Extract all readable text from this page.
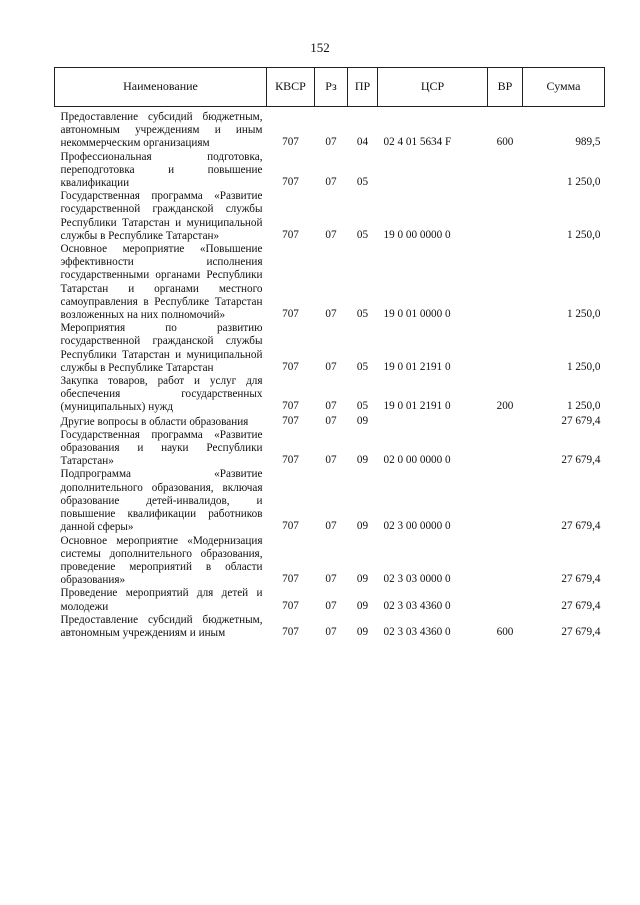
152
Наименование	КВСР	Рз	ПР	ЦСР	ВР	Сумма
Предоставление субсидий бюджетным, автономным учреждениям и иным некоммерческим организациям	707	07	04	02 4 01 5634 F	600	989,5
Профессиональная подготовка, переподготовка и повышение квалификации	707	07	05			1 250,0
Государственная программа «Развитие государственной гражданской службы Республики Татарстан и муниципальной службы в Республике Татарстан»	707	07	05	19 0 00 0000 0		1 250,0
Основное мероприятие «Повышение эффективности исполнения государственными органами Республики Татарстан и органами местного самоуправления в Республике Татарстан возложенных на них полномочий»	707	07	05	19 0 01 0000 0		1 250,0
Мероприятия по развитию государственной гражданской службы Республики Татарстан и муниципальной службы в Республике Татарстан	707	07	05	19 0 01 2191 0		1 250,0
Закупка товаров, работ и услуг для обеспечения государственных (муниципальных) нужд	707	07	05	19 0 01 2191 0	200	1 250,0
Другие вопросы в области образования	707	07	09			27 679,4
Государственная программа «Развитие образования и науки Республики Татарстан»	707	07	09	02 0 00 0000 0		27 679,4
Подпрограмма «Развитие дополнительного образования, включая образование детей-инвалидов, и повышение квалификации работников данной сферы»	707	07	09	02 3 00 0000 0		27 679,4
Основное мероприятие «Модернизация системы дополнительного образования, проведение мероприятий в области образования»	707	07	09	02 3 03 0000 0		27 679,4
Проведение мероприятий для детей и молодежи	707	07	09	02 3 03 4360 0		27 679,4
Предоставление субсидий бюджетным, автономным учреждениям и иным	707	07	09	02 3 03 4360 0	600	27 679,4
